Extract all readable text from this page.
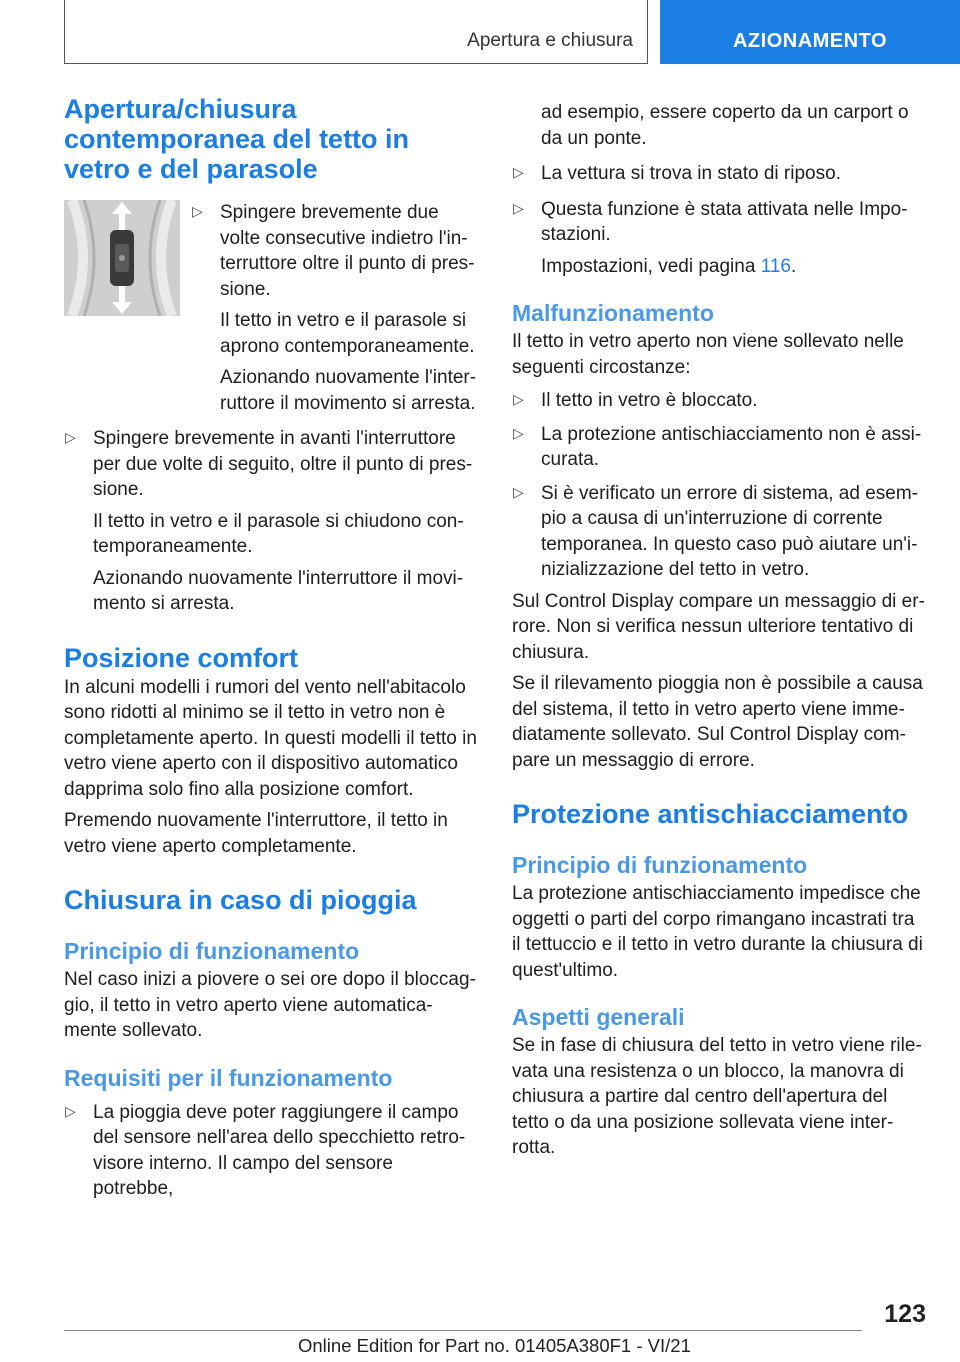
Apertura e chiusura	AZIONAMENTO
Apertura/chiusura contemporanea del tetto in vetro e del parasole
▷ Spingere brevemente due volte consecutive indietro l'interruttore oltre il punto di pressione.

Il tetto in vetro e il parasole si aprono contemporaneamente.

Azionando nuovamente l'interruttore il movimento si arresta.

▷ Spingere brevemente in avanti l'interruttore per due volte di seguito, oltre il punto di pressione.

Il tetto in vetro e il parasole si chiudono contemporaneamente.

Azionando nuovamente l'interruttore il movimento si arresta.

Posizione comfort

In alcuni modelli i rumori del vento nell'abitacolo sono ridotti al minimo se il tetto in vetro non è completamente aperto. In questi modelli il tetto in vetro viene aperto con il dispositivo automatico dapprima solo fino alla posizione comfort.

Premendo nuovamente l'interruttore, il tetto in vetro viene aperto completamente.

Chiusura in caso di pioggia
Principio di funzionamento

Nel caso inizi a piovere o sei ore dopo il bloccaggio, il tetto in vetro aperto viene automaticamente sollevato.

Requisiti per il funzionamento
▷ La pioggia deve poter raggiungere il campo del sensore nell'area dello specchietto retrovisore interno. Il campo del sensore potrebbe,

ad esempio, essere coperto da un carport o da un ponte.

▷ La vettura si trova in stato di riposo.

▷ Questa funzione è stata attivata nelle Impostazioni.

Impostazioni, vedi pagina 116.

Malfunzionamento

Il tetto in vetro aperto non viene sollevato nelle seguenti circostanze:

▷ Il tetto in vetro è bloccato.

▷ La protezione antischiacciamento non è assicurata.

▷ Si è verificato un errore di sistema, ad esempio a causa di un'interruzione di corrente temporanea. In questo caso può aiutare un'inizializzazione del tetto in vetro.

Sul Control Display compare un messaggio di errore. Non si verifica nessun ulteriore tentativo di chiusura.

Se il rilevamento pioggia non è possibile a causa del sistema, il tetto in vetro aperto viene immediatamente sollevato. Sul Control Display compare un messaggio di errore.

Protezione antischiacciamento
Principio di funzionamento

La protezione antischiacciamento impedisce che oggetti o parti del corpo rimangano incastrati tra il tettuccio e il tetto in vetro durante la chiusura di quest'ultimo.

Aspetti generali

Se in fase di chiusura del tetto in vetro viene rilevata una resistenza o un blocco, la manovra di chiusura a partire dal centro dell'apertura del tetto o da una posizione sollevata viene interrotta.

123
Online Edition for Part no. 01405A380F1 - VI/21
